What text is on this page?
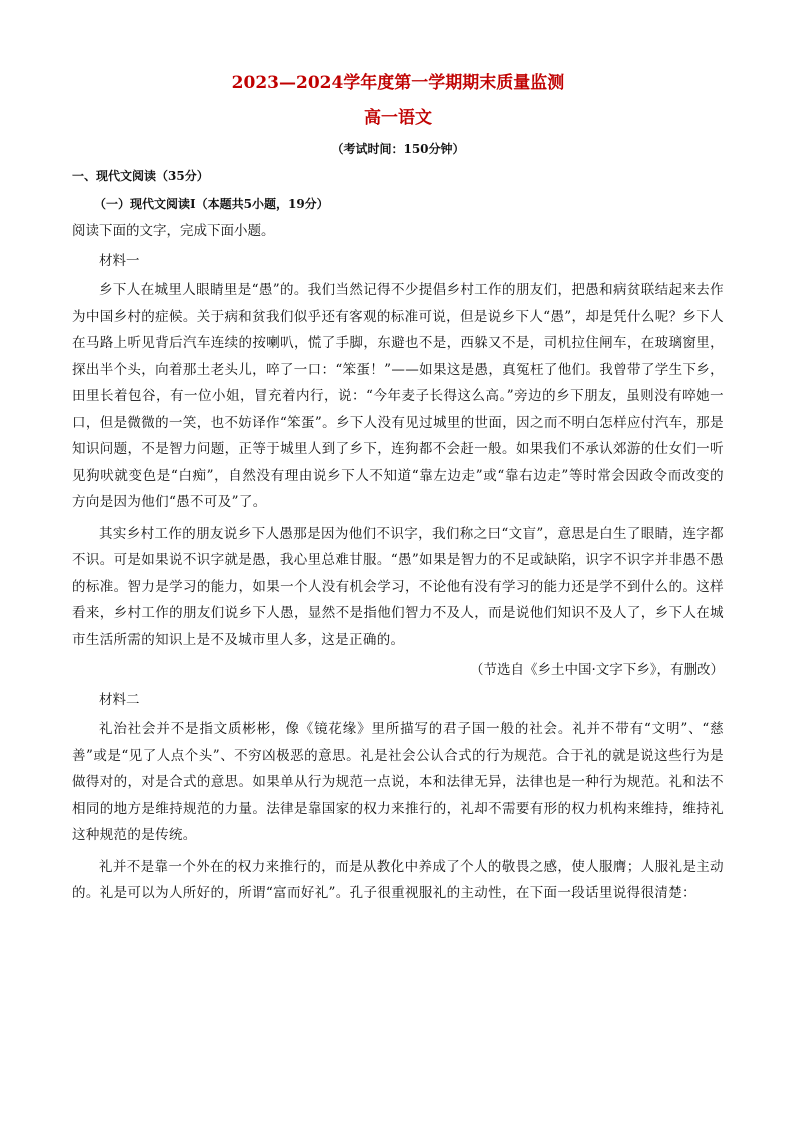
2023—2024学年度第一学期期末质量监测
高一语文
（考试时间：150分钟）
一、现代文阅读（35分）
（一）现代文阅读Ⅰ（本题共5小题，19分）
阅读下面的文字，完成下面小题。
材料一

乡下人在城里人眼睛里是“愚”的。我们当然记得不少提倡乡村工作的朋友们，把愚和病贫联结起来去作为中国乡村的症候。关于病和贫我们似乎还有客观的标准可说，但是说乡下人“愚”，却是凭什么呢？乡下人在马路上听见背后汽车连续的按喇叭，慌了手脚，东避也不是，西躲又不是，司机拉住闸车，在玻璃窗里，探出半个头，向着那土老头儿，啐了一口：“笨蛋！”——如果这是愚，真冤枉了他们。我曾带了学生下乡，田里长着包谷，有一位小姐，冒充着内行，说：“今年麦子长得这么高。”旁边的乡下朋友，虽则没有啐她一口，但是微微的一笑，也不妨译作“笨蛋”。乡下人没有见过城里的世面，因之而不明白怎样应付汽车，那是知识问题，不是智力问题，正等于城里人到了乡下，连狗都不会赶一般。如果我们不承认郊游的仕女们一听见狗吠就变色是“白痴”，自然没有理由说乡下人不知道“靠左边走”或“靠右边走”等时常会因政令而改变的方向是因为他们“愚不可及”了。

其实乡村工作的朋友说乡下人愚那是因为他们不识字，我们称之曰“文盲”，意思是白生了眼睛，连字都不识。可是如果说不识字就是愚，我心里总难甘服。“愚”如果是智力的不足或缺陷，识字不识字并非愚不愚的标准。智力是学习的能力，如果一个人没有机会学习，不论他有没有学习的能力还是学不到什么的。这样看来，乡村工作的朋友们说乡下人愚，显然不是指他们智力不及人，而是说他们知识不及人了，乡下人在城市生活所需的知识上是不及城市里人多，这是正确的。

（节选自《乡土中国·文字下乡》，有删改）
材料二

礼治社会并不是指文质彬彬，像《镜花缘》里所描写的君子国一般的社会。礼并不带有“文明”、“慈善”或是“见了人点个头”、不穷凶极恶的意思。礼是社会公认合式的行为规范。合于礼的就是说这些行为是做得对的，对是合式的意思。如果单从行为规范一点说，本和法律无异，法律也是一种行为规范。礼和法不相同的地方是维持规范的力量。法律是靠国家的权力来推行的，礼却不需要有形的权力机构来维持，维持礼这种规范的是传统。

礼并不是靠一个外在的权力来推行的，而是从教化中养成了个人的敬畏之感，使人服膺；人服礼是主动的。礼是可以为人所好的，所谓“富而好礼”。孔子很重视服礼的主动性，在下面一段话里说得很清楚：
